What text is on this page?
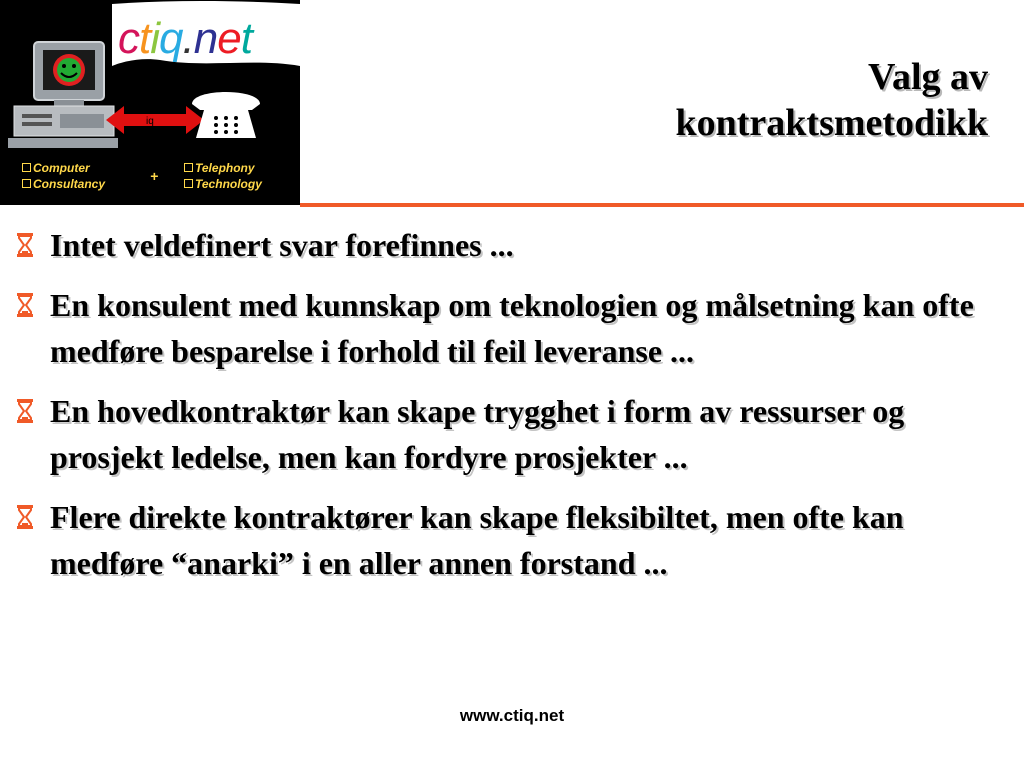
ctiq.net
iq
Computer
Consultancy	+	Telephony
Technology
Valg av
kontraktsmetodikk
Intet veldefinert svar forefinnes ...
En konsulent med kunnskap om teknologien og målsetning kan ofte medføre besparelse i forhold til feil leveranse ...
En hovedkontraktør kan skape trygghet i form av ressurser og prosjekt ledelse, men kan fordyre prosjekter ...
Flere direkte kontraktører kan skape fleksibiltet, men ofte kan medføre “anarki” i en aller annen forstand ...
www.ctiq.net
